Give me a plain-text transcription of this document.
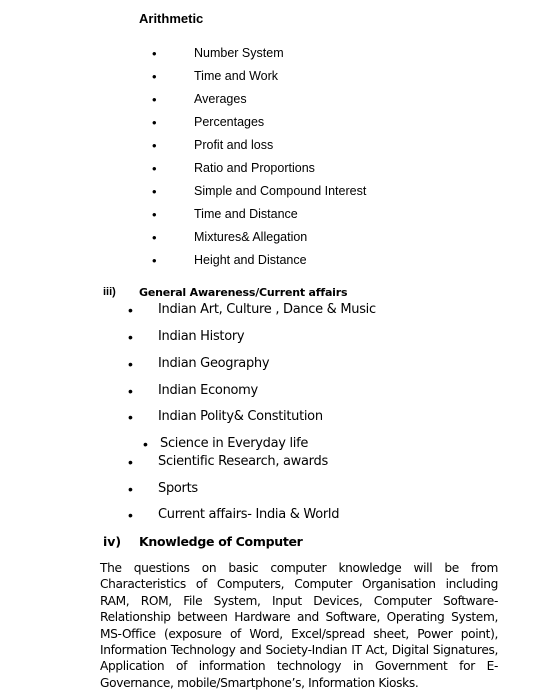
Arithmetic
•	Number System
•	Time and Work
•	Averages
•	Percentages
•	Profit and loss
•	Ratio and Proportions
•	Simple and Compound Interest
•	Time and Distance
•	Mixtures& Allegation
•	Height and Distance
iii) General Awareness/Current affairs
• Indian Art, Culture , Dance & Music
• Indian History
• Indian Geography
• Indian Economy
• Indian Polity& Constitution
• Science in Everyday life
• Scientific Research, awards
• Sports
• Current affairs- India & World
iv) Knowledge of Computer
The questions on basic computer knowledge will be from Characteristics of Computers, Computer Organisation including RAM, ROM, File System, Input Devices, Computer Software-Relationship between Hardware and Software, Operating System, MS-Office (exposure of Word, Excel/spread sheet, Power point), Information Technology and Society-Indian IT Act, Digital Signatures, Application of information technology in Government for E-Governance, mobile/Smartphone’s, Information Kiosks.
